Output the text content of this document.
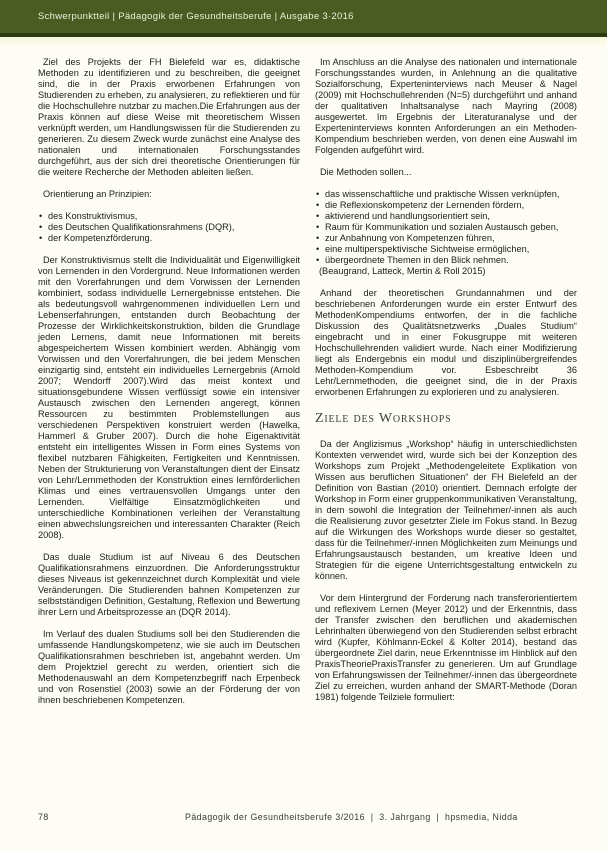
Schwerpunktteil | Pädagogik der Gesundheitsberufe | Ausgabe 3·2016

Ziel des Projekts der FH Bielefeld war es, didaktische Methoden zu identifizieren und zu beschreiben, die geeignet sind, die in der Praxis erworbenen Erfahrungen von Studierenden zu erheben, zu analysieren, zu reflektieren und für die Hochschullehre nutzbar zu machen.Die Erfahrungen aus der Praxis können auf diese Weise mit theoretischem Wissen verknüpft werden, um Handlungswissen für die Studierenden zu generieren. Zu diesem Zweck wurde zunächst eine Analyse des nationalen und internationalen Forschungsstandes durchgeführt, aus der sich drei theoretische Orientierungen für die weitere Recherche der Methoden ableiten ließen.

Orientierung an Prinzipien:

• des Konstruktivismus,
• des Deutschen Qualifikationsrahmens (DQR),
• der Kompetenzförderung.

Der Konstruktivismus stellt die Individualität und Eigenwilligkeit von Lernenden in den Vordergrund. Neue Informationen werden mit den Vorerfahrungen und dem Vorwissen der Lernenden kombiniert, sodass individuelle Lernergebnisse entstehen. Die als bedeutungsvoll wahrgenommenen individuellen Lern und Lebenserfahrungen, entstanden durch Beobachtung der Prozesse der Wirklichkeitskonstruktion, bilden die Grundlage jeden Lernens, damit neue Informationen mit bereits abgespeichertem Wissen kombiniert werden. Abhängig vom Vorwissen und den Vorerfahrungen, die bei jedem Menschen einzigartig sind, entsteht ein individuelles Lernergebnis (Arnold 2007; Wendorff 2007).Wird das meist kontext und situationsgebundene Wissen verflüssigt sowie ein intensiver Austausch zwischen den Lernenden angeregt, können Ressourcen zu bestimmten Problemstellungen aus verschiedenen Perspektiven konstruiert werden (Hawelka, Hammerl & Gruber 2007). Durch die hohe Eigenaktivität entsteht ein intelligentes Wissen in Form eines Systems von flexibel nutzbaren Fähigkeiten, Fertigkeiten und Kenntnissen. Neben der Strukturierung von Veranstaltungen dient der Einsatz von Lehr/Lernmethoden der Konstruktion eines lernförderlichen Klimas und eines vertrauensvollen Umgangs unter den Lernenden. Vielfältige Einsatzmöglichkeiten und unterschiedliche Kombinationen verleihen der Veranstaltung einen abwechslungsreichen und interessanten Charakter (Reich 2008).

Das duale Studium ist auf Niveau 6 des Deutschen Qualifikationsrahmens einzuordnen. Die Anforderungsstruktur dieses Niveaus ist gekennzeichnet durch Komplexität und viele Veränderungen. Die Studierenden bahnen Kompetenzen zur selbstständigen Definition, Gestaltung, Reflexion und Bewertung ihrer Lern und Arbeitsprozesse an (DQR 2014).

Im Verlauf des dualen Studiums soll bei den Studierenden die umfassende Handlungskompetenz, wie sie auch im Deutschen Qualifikationsrahmen beschrieben ist, angebahnt werden. Um dem Projektziel gerecht zu werden, orientiert sich die Methodenauswahl an dem Kompetenzbegriff nach Erpenbeck und von Rosenstiel (2003) sowie an der Förderung der von ihnen beschriebenen Kompetenzen.

Im Anschluss an die Analyse des nationalen und internationale Forschungsstandes wurden, in Anlehnung an die qualitative Sozialforschung, Experteninterviews nach Meuser & Nagel (2009) mit Hochschullehrenden (N=5) durchgeführt und anhand der qualitativen Inhaltsanalyse nach Mayring (2008) ausgewertet. Im Ergebnis der Literaturanalyse und der Experteninterviews konnten Anforderungen an ein Methoden-Kompendium beschrieben werden, von denen eine Auswahl im Folgenden aufgeführt wird.

Die Methoden sollen...

• das wissenschaftliche und praktische Wissen verknüpfen,
• die Reflexionskompetenz der Lernenden fördern,
• aktivierend und handlungsorientiert sein,
• Raum für Kommunikation und sozialen Austausch geben,
• zur Anbahnung von Kompetenzen führen,
• eine multiperspektivische Sichtweise ermöglichen,
• übergeordnete Themen in den Blick nehmen.

(Beaugrand, Latteck, Mertin & Roll 2015)

Anhand der theoretischen Grundannahmen und der beschriebenen Anforderungen wurde ein erster Entwurf des MethodenKompendiums entworfen, der in die fachliche Diskussion des Qualitätsnetzwerks „Duales Studium“ eingebracht und in einer Fokusgruppe mit weiteren Hochschullehrenden validiert wurde. Nach einer Modifizierung liegt als Endergebnis ein modul und disziplinübergreifendes Methoden-Kompendium vor. Esbeschreibt 36 Lehr/Lernmethoden, die geeignet sind, die in der Praxis erworbenen Erfahrungen zu explorieren und zu analysieren.

Ziele des Workshops

Da der Anglizismus „Workshop“ häufig in unterschiedlichsten Kontexten verwendet wird, wurde sich bei der Konzeption des Workshops zum Projekt „Methodengeleitete Explikation von Wissen aus beruflichen Situationen“ der FH Bielefeld an der Definition von Bastian (2010) orientiert. Demnach erfolgte der Workshop in Form einer gruppenkommunikativen Veranstaltung, in dem sowohl die Integration der Teilnehmer/-innen als auch die Realisierung zuvor gesetzter Ziele im Fokus stand. In Bezug auf die Wirkungen des Workshops wurde dieser so gestaltet, dass für die Teilnehmer/-innen Möglichkeiten zum Meinungs und Erfahrungsaustausch bestanden, um kreative Ideen und Strategien für die eigene Unterrichtsgestaltung entwickeln zu können.

Vor dem Hintergrund der Forderung nach transferorientiertem und reflexivem Lernen (Meyer 2012) und der Erkenntnis, dass der Transfer zwischen den beruflichen und akademischen Lehrinhalten überwiegend von den Studierenden selbst erbracht wird (Kupfer, Köhlmann-Eckel & Kolter 2014), bestand das übergeordnete Ziel darin, neue Erkenntnisse im Hinblick auf den PraxisTheoriePraxisTransfer zu generieren. Um auf Grundlage von Erfahrungswissen der Teilnehmer/-innen das übergeordnete Ziel zu erreichen, wurden anhand der SMART-Methode (Doran 1981) folgende Teilziele formuliert:

78	Pädagogik der Gesundheitsberufe 3/2016  |  3. Jahrgang  |  hpsmedia, Nidda
